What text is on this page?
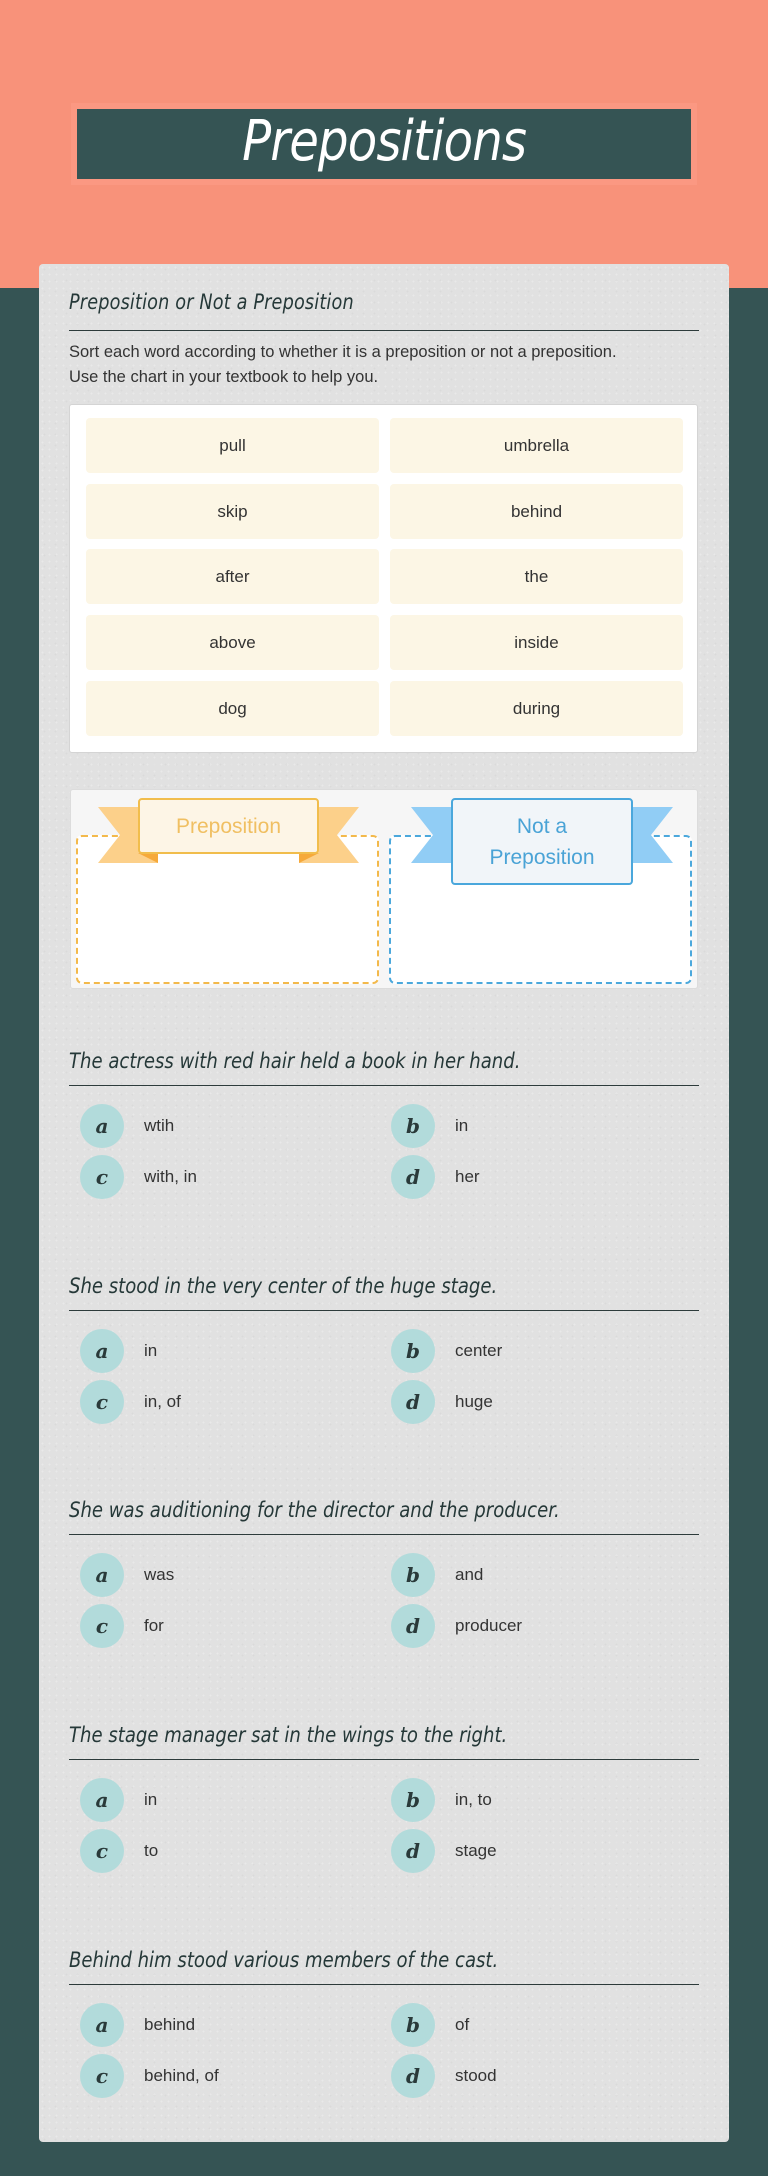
Prepositions
Preposition or Not a Preposition
Sort each word according to whether it is a preposition or not a preposition.
Use the chart in your textbook to help you.
pull	umbrella
skip	behind
after	the
above	inside
dog	during
Preposition	Not a
Preposition
The actress with red hair held a book in her hand.
a	wtih	b	in
c	with, in	d	her
She stood in the very center of the huge stage.
a	in	b	center
c	in, of	d	huge
She was auditioning for the director and the producer.
a	was	b	and
c	for	d	producer
The stage manager sat in the wings to the right.
a	in	b	in, to
c	to	d	stage
Behind him stood various members of the cast.
a	behind	b	of
c	behind, of	d	stood
